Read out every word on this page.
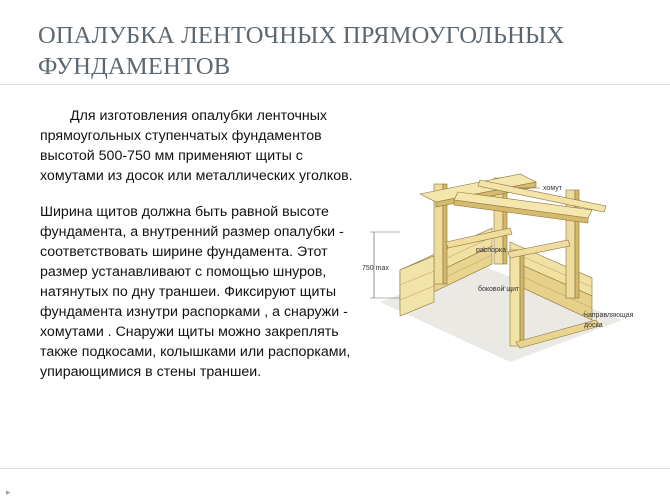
ОПАЛУБКА ЛЕНТОЧНЫХ ПРЯМОУГОЛЬНЫХ ФУНДАМЕНТОВ

Для изготовления опалубки ленточных прямоугольных ступенчатых фундаментов высотой 500-750 мм применяют щиты с хомутами из досок или металлических уголков.

Ширина щитов должна быть равной высоте фундамента, а внутренний размер опалубки - соответствовать ширине фундамента. Этот размер устанавливают с помощью шнуров, натянутых по дну траншеи. Фиксируют щиты фундамента изнутри распорками , а снаружи - хомутами . Снаружи щиты можно закреплять также подкосами, колышками или распорками, упирающимися в стены траншеи.

750 max
хомут
распорка
боковой щит
направляющая
доска
▸
